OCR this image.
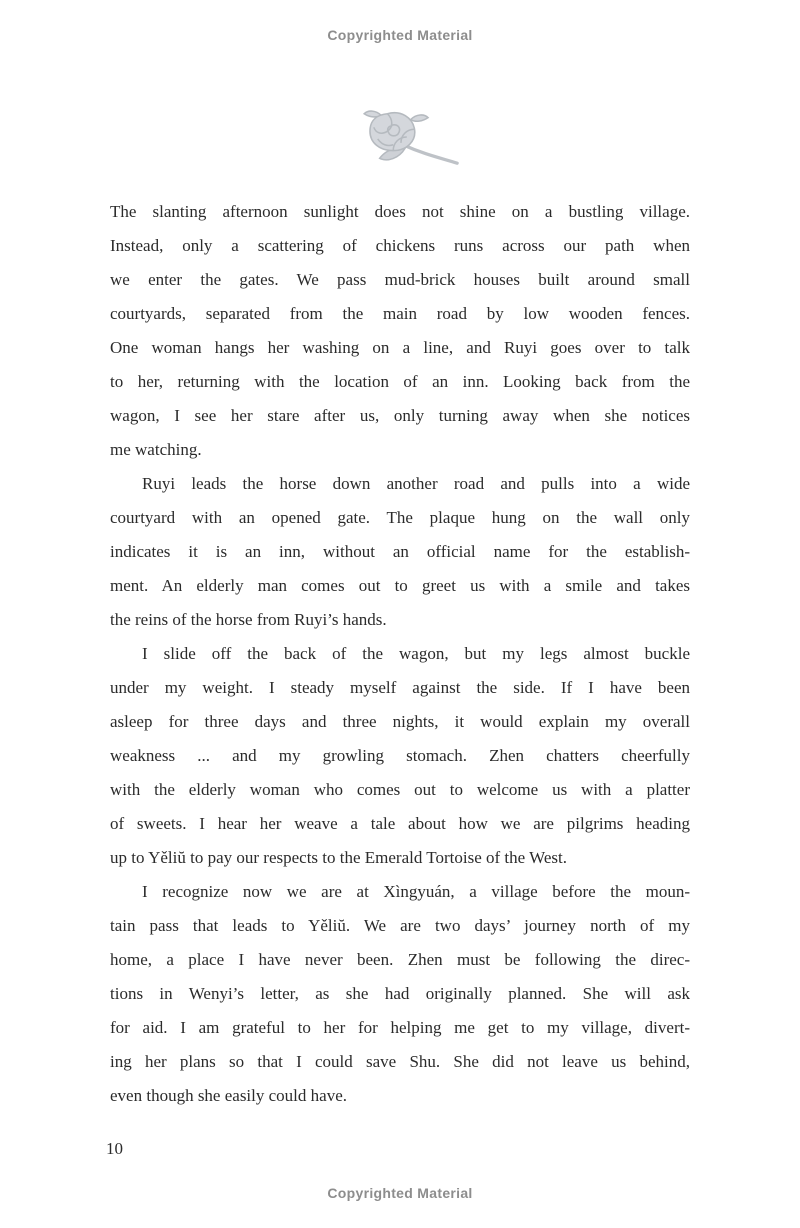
Copyrighted Material
The slanting afternoon sunlight does not shine on a bustling village.
Instead, only a scattering of chickens runs across our path when
we enter the gates. We pass mud-brick houses built around small
courtyards, separated from the main road by low wooden fences.
One woman hangs her washing on a line, and Ruyi goes over to talk
to her, returning with the location of an inn. Looking back from the
wagon, I see her stare after us, only turning away when she notices
me watching.
Ruyi leads the horse down another road and pulls into a wide
courtyard with an opened gate. The plaque hung on the wall only
indicates it is an inn, without an official name for the establish-
ment. An elderly man comes out to greet us with a smile and takes
the reins of the horse from Ruyi’s hands.
I slide off the back of the wagon, but my legs almost buckle
under my weight. I steady myself against the side. If I have been
asleep for three days and three nights, it would explain my overall
weakness ... and my growling stomach. Zhen chatters cheerfully
with the elderly woman who comes out to welcome us with a platter
of sweets. I hear her weave a tale about how we are pilgrims heading
up to Yěliŭ to pay our respects to the Emerald Tortoise of the West.
I recognize now we are at Xìngyuán, a village before the moun-
tain pass that leads to Yěliŭ. We are two days’ journey north of my
home, a place I have never been. Zhen must be following the direc-
tions in Wenyi’s letter, as she had originally planned. She will ask
for aid. I am grateful to her for helping me get to my village, divert-
ing her plans so that I could save Shu. She did not leave us behind,
even though she easily could have.
10
Copyrighted Material
